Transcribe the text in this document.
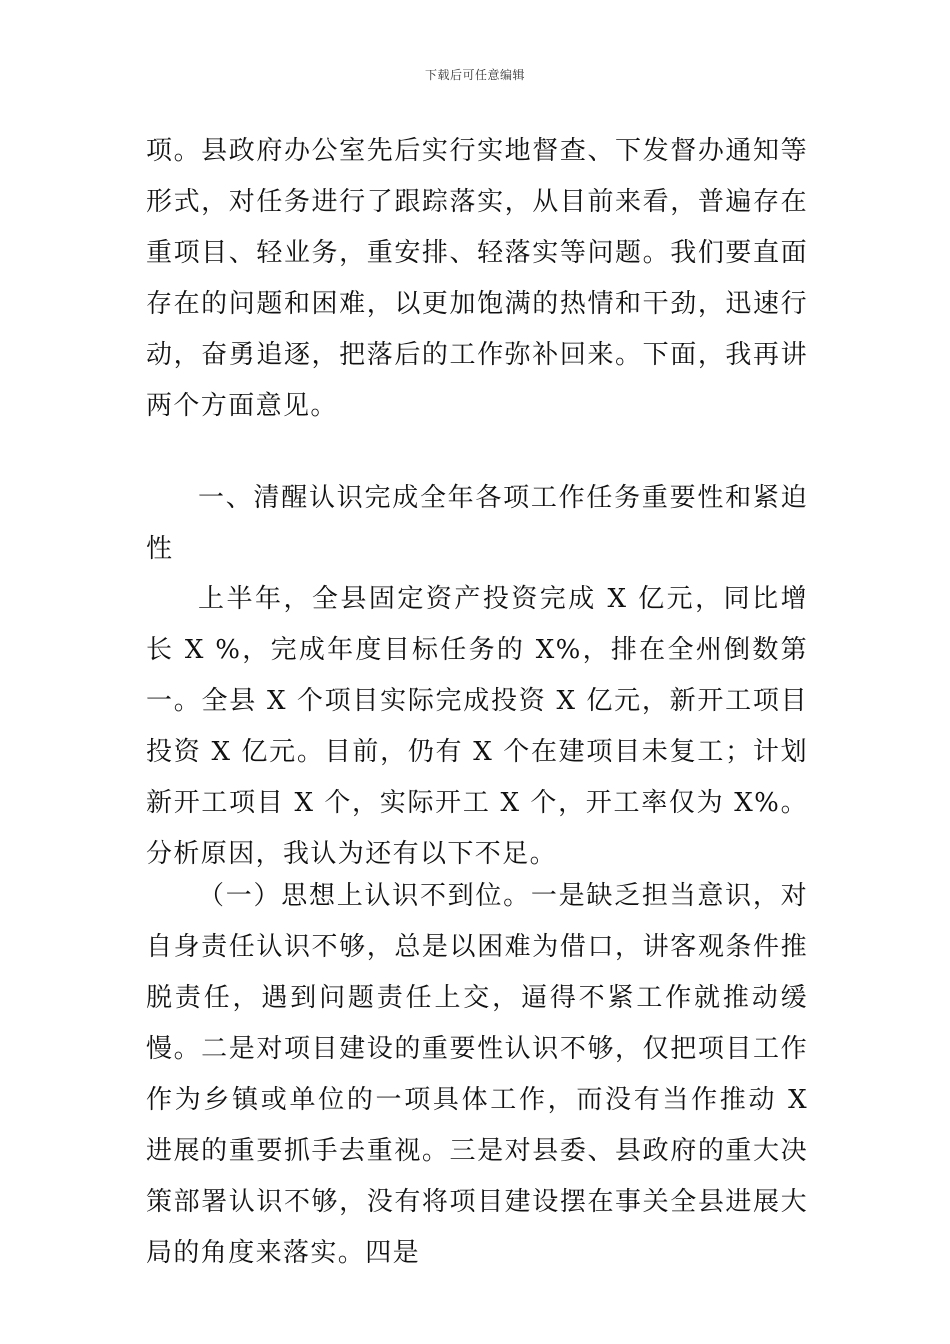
下载后可任意编辑

项。县政府办公室先后实行实地督查、下发督办通知等形式，对任务进行了跟踪落实，从目前来看，普遍存在重项目、轻业务，重安排、轻落实等问题。我们要直面存在的问题和困难，以更加饱满的热情和干劲，迅速行动，奋勇追逐，把落后的工作弥补回来。下面，我再讲两个方面意见。

一、清醒认识完成全年各项工作任务重要性和紧迫性

上半年，全县固定资产投资完成 X 亿元，同比增长 X %，完成年度目标任务的 X%，排在全州倒数第一。全县 X 个项目实际完成投资 X 亿元，新开工项目投资 X 亿元。目前，仍有 X 个在建项目未复工；计划新开工项目 X 个，实际开工 X 个，开工率仅为 X%。分析原因，我认为还有以下不足。

（一）思想上认识不到位。一是缺乏担当意识，对自身责任认识不够，总是以困难为借口，讲客观条件推脱责任，遇到问题责任上交，逼得不紧工作就推动缓慢。二是对项目建设的重要性认识不够，仅把项目工作作为乡镇或单位的一项具体工作，而没有当作推动 X 进展的重要抓手去重视。三是对县委、县政府的重大决策部署认识不够，没有将项目建设摆在事关全县进展大局的角度来落实。四是
